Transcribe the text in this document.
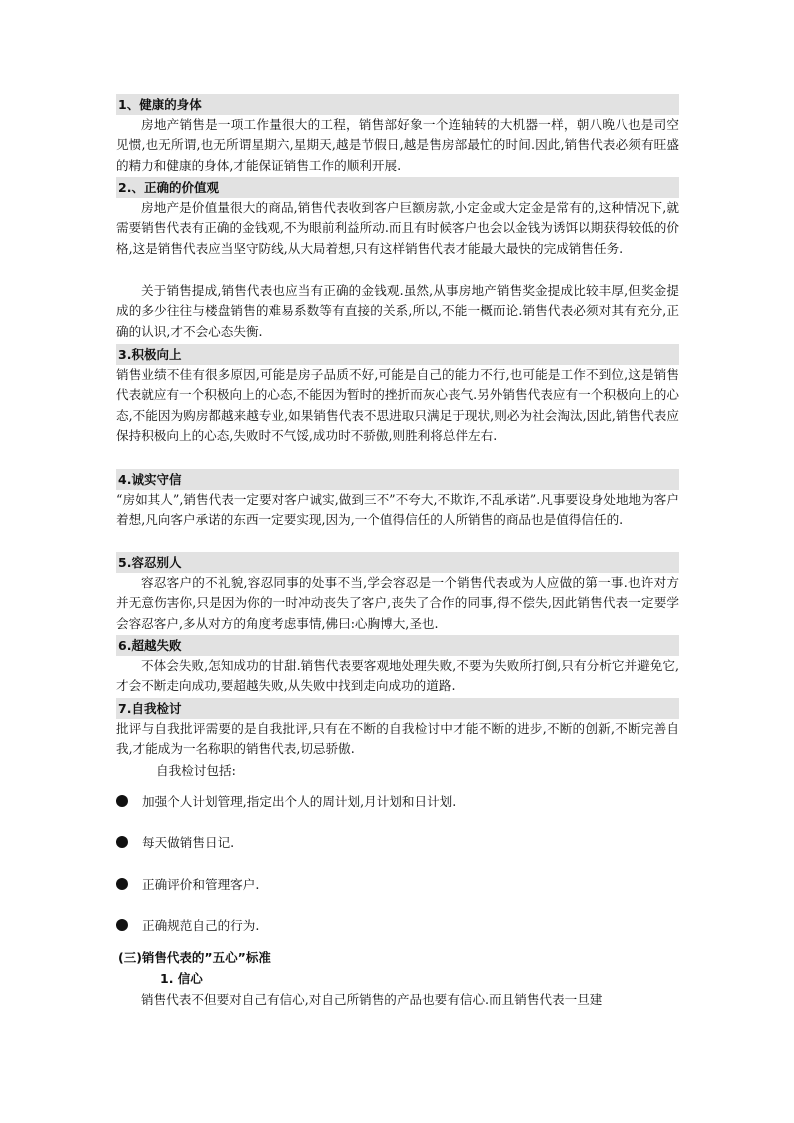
1、健康的身体

房地产销售是一项工作量很大的工程，销售部好象一个连轴转的大机器一样，朝八晚八也是司空见惯,也无所谓,也无所谓星期六,星期天,越是节假日,越是售房部最忙的时间.因此,销售代表必须有旺盛的精力和健康的身体,才能保证销售工作的顺利开展.

2.、正确的价值观

房地产是价值量很大的商品,销售代表收到客户巨额房款,小定金或大定金是常有的,这种情况下,就需要销售代表有正确的金钱观,不为眼前利益所动.而且有时候客户也会以金钱为诱饵以期获得较低的价格,这是销售代表应当坚守防线,从大局着想,只有这样销售代表才能最大最快的完成销售任务.

关于销售提成,销售代表也应当有正确的金钱观.虽然,从事房地产销售奖金提成比较丰厚,但奖金提成的多少往往与楼盘销售的难易系数等有直接的关系,所以,不能一概而论.销售代表必须对其有充分,正确的认识,才不会心态失衡.

3.积极向上

销售业绩不佳有很多原因,可能是房子品质不好,可能是自己的能力不行,也可能是工作不到位,这是销售代表就应有一个积极向上的心态,不能因为暂时的挫折而灰心丧气.另外销售代表应有一个积极向上的心态,不能因为购房都越来越专业,如果销售代表不思进取只满足于现状,则必为社会淘汰,因此,销售代表应保持积极向上的心态,失败时不气馁,成功时不骄傲,则胜利将总伴左右.

4.诚实守信

“房如其人”,销售代表一定要对客户诚实,做到三不”不夸大,不欺诈,不乱承诺”.凡事要设身处地地为客户着想,凡向客户承诺的东西一定要实现,因为,一个值得信任的人所销售的商品也是值得信任的.

5.容忍别人

容忍客户的不礼貌,容忍同事的处事不当,学会容忍是一个销售代表或为人应做的第一事.也许对方并无意伤害你,只是因为你的一时冲动丧失了客户,丧失了合作的同事,得不偿失,因此销售代表一定要学会容忍客户,多从对方的角度考虑事情,佛曰:心胸博大,圣也.

6.超越失败

不体会失败,怎知成功的甘甜.销售代表要客观地处理失败,不要为失败所打倒,只有分析它并避免它,才会不断走向成功,要超越失败,从失败中找到走向成功的道路.

7.自我检讨

批评与自我批评需要的是自我批评,只有在不断的自我检讨中才能不断的进步,不断的创新,不断完善自我,才能成为一名称职的销售代表,切忌骄傲.

自我检讨包括:

加强个人计划管理,指定出个人的周计划,月计划和日计划.
每天做销售日记.
正确评价和管理客户.
正确规范自己的行为.
(三)销售代表的”五心”标准
1. 信心

销售代表不但要对自己有信心,对自己所销售的产品也要有信心.而且销售代表一旦建
